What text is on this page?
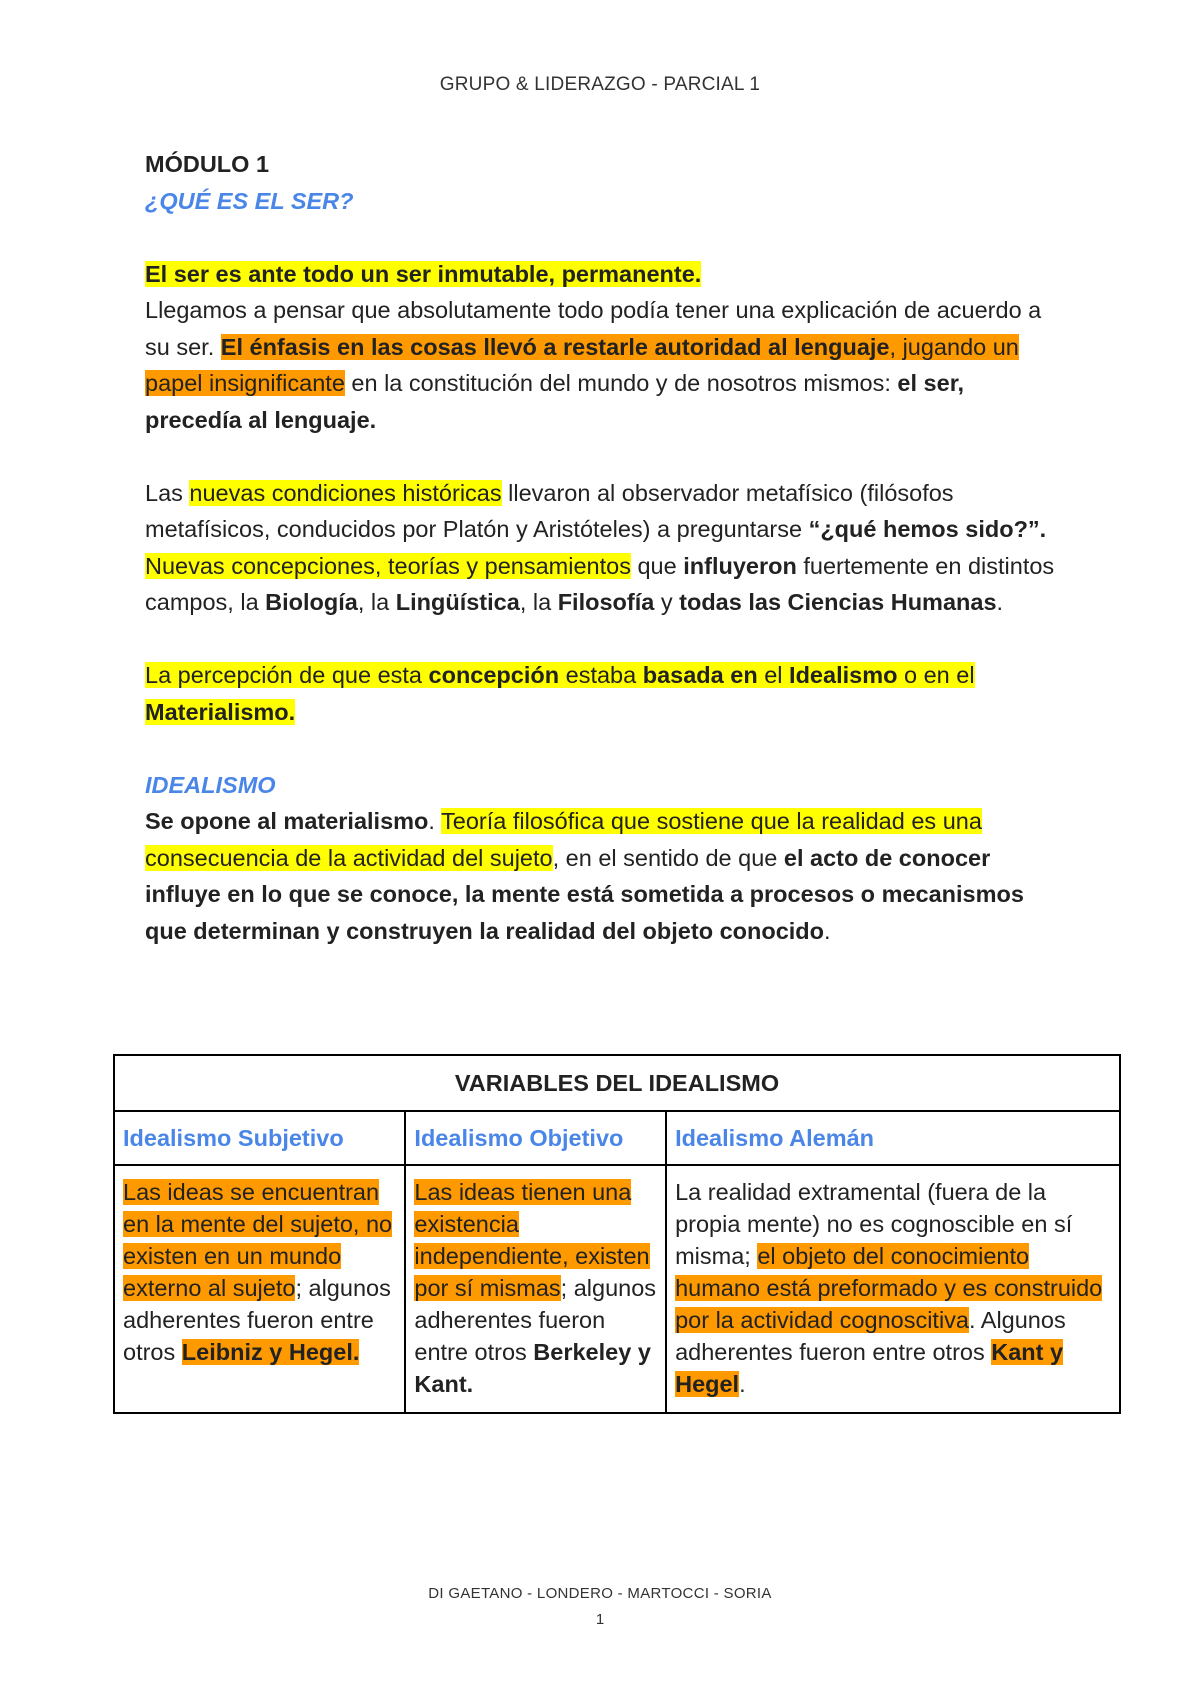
GRUPO & LIDERAZGO - PARCIAL 1

MÓDULO 1

¿QUÉ ES EL SER?

El ser es ante todo un ser inmutable, permanente.
Llegamos a pensar que absolutamente todo podía tener una explicación de acuerdo a su ser. El énfasis en las cosas llevó a restarle autoridad al lenguaje, jugando un papel insignificante en la constitución del mundo y de nosotros mismos: el ser, precedía al lenguaje.

Las nuevas condiciones históricas llevaron al observador metafísico (filósofos metafísicos, conducidos por Platón y Aristóteles) a preguntarse “¿qué hemos sido?”.
Nuevas concepciones, teorías y pensamientos que influyeron fuertemente en distintos campos, la Biología, la Lingüística, la Filosofía y todas las Ciencias Humanas.

La percepción de que esta concepción estaba basada en el Idealismo o en el Materialismo.

IDEALISMO

Se opone al materialismo. Teoría filosófica que sostiene que la realidad es una consecuencia de la actividad del sujeto, en el sentido de que el acto de conocer influye en lo que se conoce, la mente está sometida a procesos o mecanismos que determinan y construyen la realidad del objeto conocido.

VARIABLES DEL IDEALISMO		
Idealismo Subjetivo	Idealismo Objetivo	Idealismo Alemán
Las ideas se encuentran en la mente del sujeto, no existen en un mundo externo al sujeto; algunos adherentes fueron entre otros Leibniz y Hegel.	Las ideas tienen una existencia independiente, existen por sí mismas; algunos adherentes fueron entre otros Berkeley y Kant.	La realidad extramental (fuera de la propia mente) no es cognoscible en sí misma; el objeto del conocimiento humano está preformado y es construido por la actividad cognoscitiva. Algunos adherentes fueron entre otros Kant y Hegel.
DI GAETANO - LONDERO - MARTOCCI - SORIA
1
